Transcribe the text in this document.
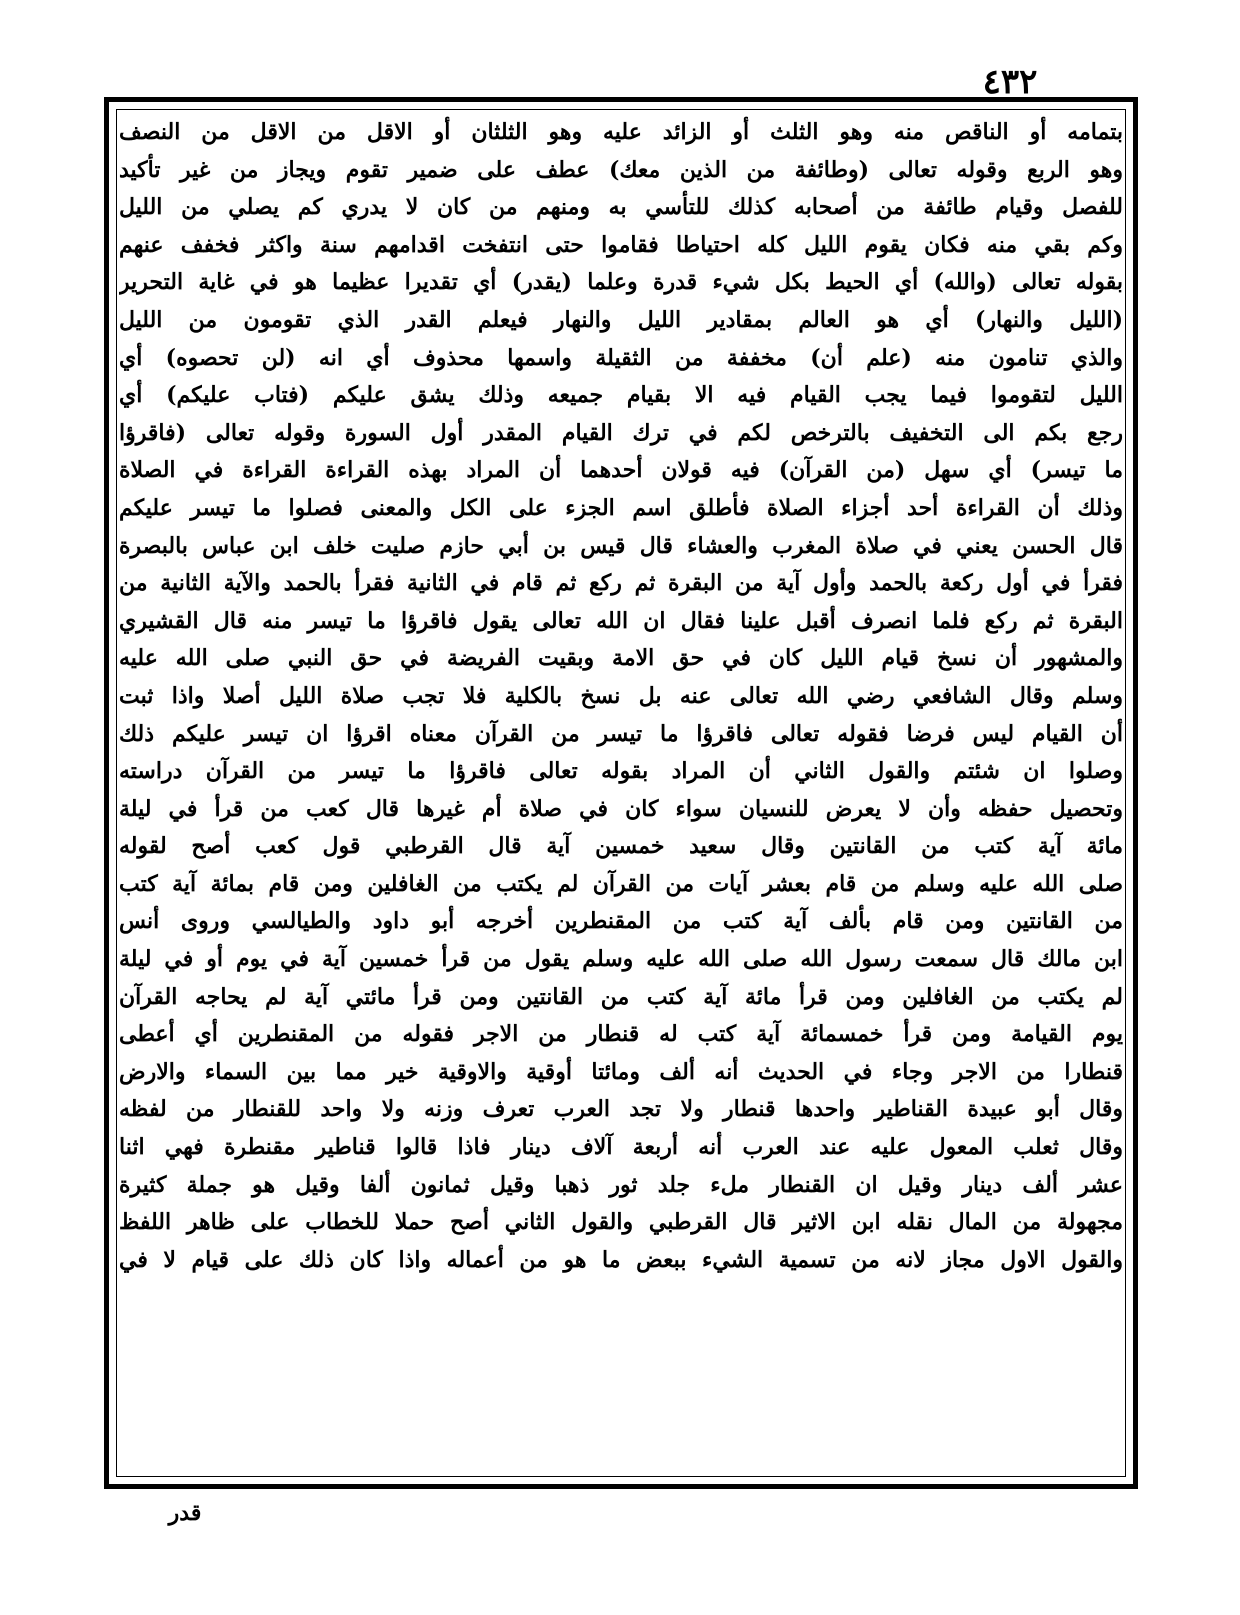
٤٣٢
بتمامه أو الناقص منه وهو الثلث أو الزائد عليه وهو الثلثان أو الاقل من الاقل من النصف
وهو الربع وقوله تعالى (وطائفة من الذين معك) عطف على ضمير تقوم ويجاز من غير تأكيد
للفصل وقيام طائفة من أصحابه كذلك للتأسي به ومنهم من كان لا يدري كم يصلي من الليل
وكم بقي منه فكان يقوم الليل كله احتياطا فقاموا حتى انتفخت اقدامهم سنة واكثر فخفف عنهم
بقوله تعالى (والله) أي الحيط بكل شيء قدرة وعلما (يقدر) أي تقديرا عظيما هو في غاية التحرير
(الليل والنهار) أي هو العالم بمقادير الليل والنهار فيعلم القدر الذي تقومون من الليل
والذي تنامون منه (علم أن) مخففة من الثقيلة واسمها محذوف أي انه (لن تحصوه) أي
الليل لتقوموا فيما يجب القيام فيه الا بقيام جميعه وذلك يشق عليكم (فتاب عليكم) أي
رجع بكم الى التخفيف بالترخص لكم في ترك القيام المقدر أول السورة وقوله تعالى (فاقرؤا
ما تيسر) أي سهل (من القرآن) فيه قولان أحدهما أن المراد بهذه القراءة القراءة في الصلاة
وذلك أن القراءة أحد أجزاء الصلاة فأطلق اسم الجزء على الكل والمعنى فصلوا ما تيسر عليكم
قال الحسن يعني في صلاة المغرب والعشاء قال قيس بن أبي حازم صليت خلف ابن عباس بالبصرة
فقرأ في أول ركعة بالحمد وأول آية من البقرة ثم ركع ثم قام في الثانية فقرأ بالحمد والآية الثانية من
البقرة ثم ركع فلما انصرف أقبل علينا فقال ان الله تعالى يقول فاقرؤا ما تيسر منه قال القشيري
والمشهور أن نسخ قيام الليل كان في حق الامة وبقيت الفريضة في حق النبي صلى الله عليه
وسلم وقال الشافعي رضي الله تعالى عنه بل نسخ بالكلية فلا تجب صلاة الليل أصلا واذا ثبت
أن القيام ليس فرضا فقوله تعالى فاقرؤا ما تيسر من القرآن معناه اقرؤا ان تيسر عليكم ذلك
وصلوا ان شئتم والقول الثاني أن المراد بقوله تعالى فاقرؤا ما تيسر من القرآن دراسته
وتحصيل حفظه وأن لا يعرض للنسيان سواء كان في صلاة أم غيرها قال كعب من قرأ في ليلة
مائة آية كتب من القانتين وقال سعيد خمسين آية قال القرطبي قول كعب أصح لقوله
صلى الله عليه وسلم من قام بعشر آيات من القرآن لم يكتب من الغافلين ومن قام بمائة آية كتب
من القانتين ومن قام بألف آية كتب من المقنطرين أخرجه أبو داود والطيالسي وروى أنس
ابن مالك قال سمعت رسول الله صلى الله عليه وسلم يقول من قرأ خمسين آية في يوم أو في ليلة
لم يكتب من الغافلين ومن قرأ مائة آية كتب من القانتين ومن قرأ مائتي آية لم يحاجه القرآن
يوم القيامة ومن قرأ خمسمائة آية كتب له قنطار من الاجر فقوله من المقنطرين أي أعطى
قنطارا من الاجر وجاء في الحديث أنه ألف ومائتا أوقية والاوقية خير مما بين السماء والارض
وقال أبو عبيدة القناطير واحدها قنطار ولا تجد العرب تعرف وزنه ولا واحد للقنطار من لفظه
وقال ثعلب المعول عليه عند العرب أنه أربعة آلاف دينار فاذا قالوا قناطير مقنطرة فهي اثنا
عشر ألف دينار وقيل ان القنطار ملء جلد ثور ذهبا وقيل ثمانون ألفا وقيل هو جملة كثيرة
مجهولة من المال نقله ابن الاثير قال القرطبي والقول الثاني أصح حملا للخطاب على ظاهر اللفظ
والقول الاول مجاز لانه من تسمية الشيء ببعض ما هو من أعماله واذا كان ذلك على قيام لا في
قدر
